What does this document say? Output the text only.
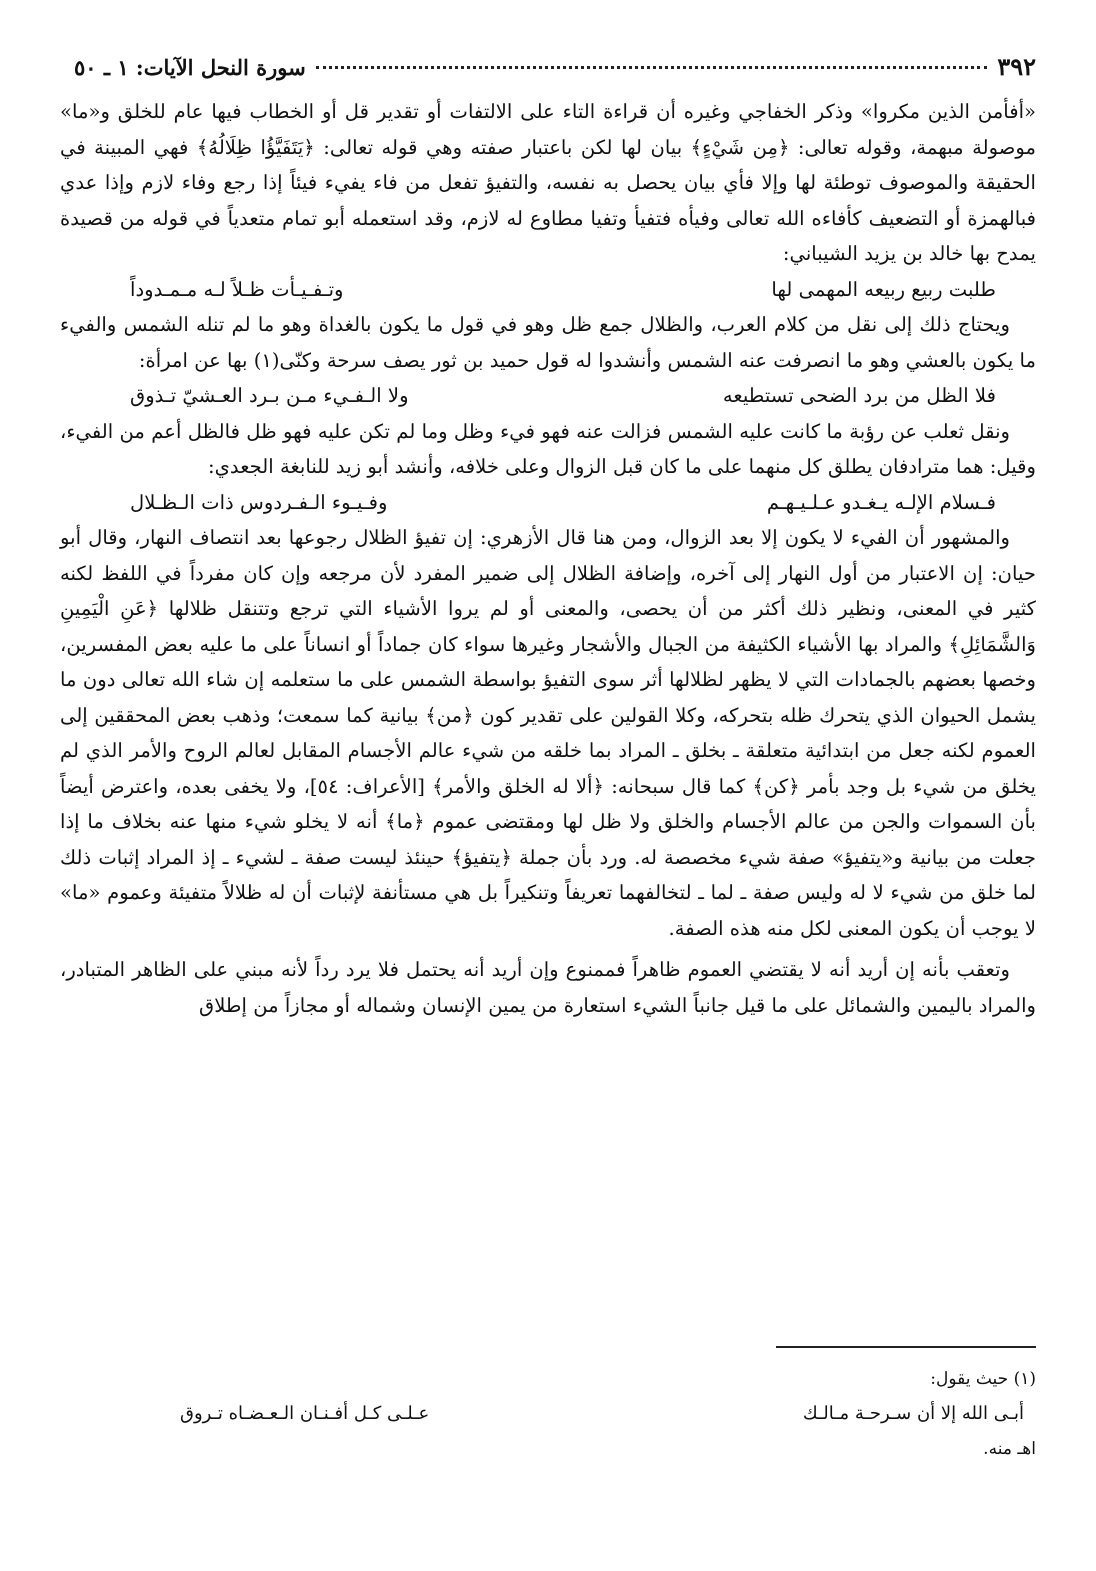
٣٩٢
سورة النحل الآيات: ١ ـ ٥٠

«أفأمن الذين مكروا» وذكر الخفاجي وغيره أن قراءة التاء على الالتفات أو تقدير قل أو الخطاب فيها عام للخلق و«ما» موصولة مبهمة، وقوله تعالى: ﴿مِن شَيْءٍ﴾ بيان لها لكن باعتبار صفته وهي قوله تعالى: ﴿يَتَفَيَّؤُا ظِلَالُهُ﴾ فهي المبينة في الحقيقة والموصوف توطئة لها وإلا فأي بيان يحصل به نفسه، والتفيؤ تفعل من فاء يفيء فيئاً إذا رجع وفاء لازم وإذا عدي فبالهمزة أو التضعيف كأفاءه الله تعالى وفيأه فتفيأ وتفيا مطاوع له لازم، وقد استعمله أبو تمام متعدياً في قوله من قصيدة يمدح بها خالد بن يزيد الشيباني:

طلبت ربيع ربيعه المهمى لها
وتـفـيـأت ظـلاً لـه مـمـدوداً

ويحتاج ذلك إلى نقل من كلام العرب، والظلال جمع ظل وهو في قول ما يكون بالغداة وهو ما لم تنله الشمس والفيء ما يكون بالعشي وهو ما انصرفت عنه الشمس وأنشدوا له قول حميد بن ثور يصف سرحة وكنّى(١) بها عن امرأة:

فلا الظل من برد الضحى تستطيعه
ولا الـفـيء مـن بـرد العـشيّ تـذوق

ونقل ثعلب عن رؤبة ما كانت عليه الشمس فزالت عنه فهو فيء وظل وما لم تكن عليه فهو ظل فالظل أعم من الفيء، وقيل: هما مترادفان يطلق كل منهما على ما كان قبل الزوال وعلى خلافه، وأنشد أبو زيد للنابغة الجعدي:

فـسلام الإلـه يـغـدو عـلـيـهـم
وفـيـوء الـفـردوس ذات الـظـلال

والمشهور أن الفيء لا يكون إلا بعد الزوال، ومن هنا قال الأزهري: إن تفيؤ الظلال رجوعها بعد انتصاف النهار، وقال أبو حيان: إن الاعتبار من أول النهار إلى آخره، وإضافة الظلال إلى ضمير المفرد لأن مرجعه وإن كان مفرداً في اللفظ لكنه كثير في المعنى، ونظير ذلك أكثر من أن يحصى، والمعنى أو لم يروا الأشياء التي ترجع وتتنقل ظلالها ﴿عَنِ الْيَمِينِ وَالشَّمَائِلِ﴾ والمراد بها الأشياء الكثيفة من الجبال والأشجار وغيرها سواء كان جماداً أو انساناً على ما عليه بعض المفسرين، وخصها بعضهم بالجمادات التي لا يظهر لظلالها أثر سوى التفيؤ بواسطة الشمس على ما ستعلمه إن شاء الله تعالى دون ما يشمل الحيوان الذي يتحرك ظله بتحركه، وكلا القولين على تقدير كون ﴿من﴾ بيانية كما سمعت؛ وذهب بعض المحققين إلى العموم لكنه جعل من ابتدائية متعلقة ـ بخلق ـ المراد بما خلقه من شيء عالم الأجسام المقابل لعالم الروح والأمر الذي لم يخلق من شيء بل وجد بأمر ﴿كن﴾ كما قال سبحانه: ﴿ألا له الخلق والأمر﴾ [الأعراف: ٥٤]، ولا يخفى بعده، واعترض أيضاً بأن السموات والجن من عالم الأجسام والخلق ولا ظل لها ومقتضى عموم ﴿ما﴾ أنه لا يخلو شيء منها عنه بخلاف ما إذا جعلت من بيانية و«يتفيؤ» صفة شيء مخصصة له. ورد بأن جملة ﴿يتفيؤ﴾ حينئذ ليست صفة ـ لشيء ـ إذ المراد إثبات ذلك لما خلق من شيء لا له وليس صفة ـ لما ـ لتخالفهما تعريفاً وتنكيراً بل هي مستأنفة لإثبات أن له ظلالاً متفيئة وعموم «ما» لا يوجب أن يكون المعنى لكل منه هذه الصفة.

وتعقب بأنه إن أريد أنه لا يقتضي العموم ظاهراً فممنوع وإن أريد أنه يحتمل فلا يرد رداً لأنه مبني على الظاهر المتبادر، والمراد باليمين والشمائل على ما قيل جانباً الشيء استعارة من يمين الإنسان وشماله أو مجازاً من إطلاق

(١) حيث يقول:
أبـى الله إلا أن سـرحـة مـالـك
عـلـى كـل أفـنـان الـعـضـاه تـروق
اهـ منه.
